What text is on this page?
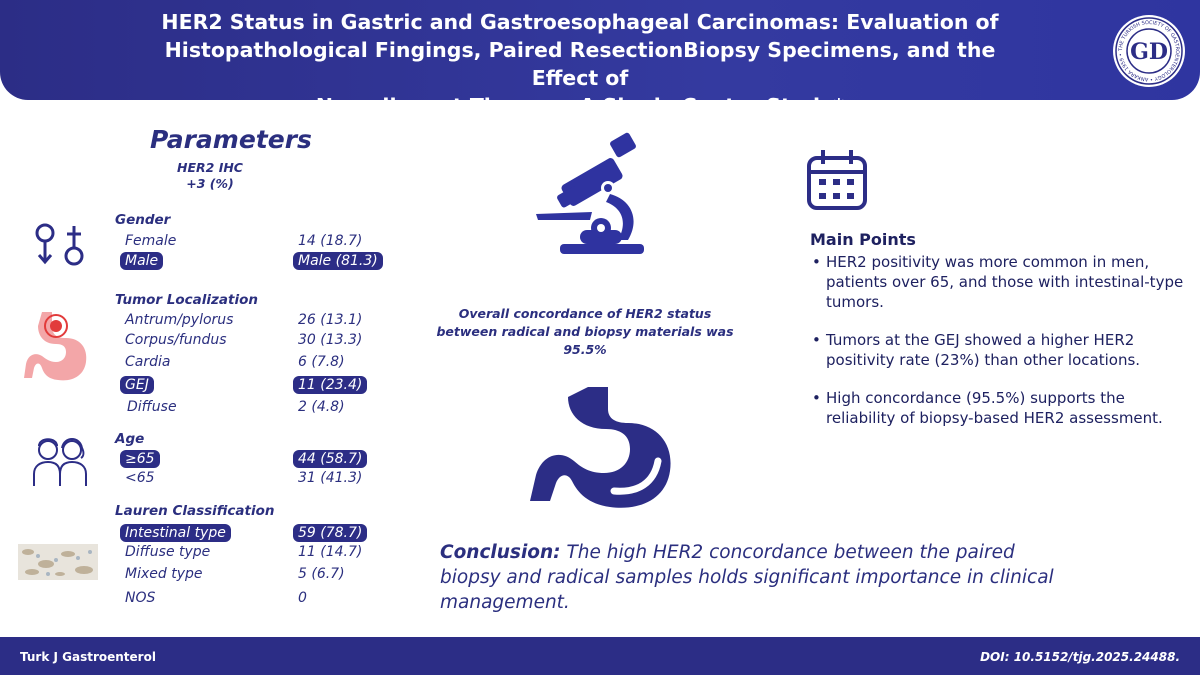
HER2 Status in Gastric and Gastroesophageal Carcinomas: Evaluation of
Histopathological Fingings, Paired ResectionBiopsy Specimens, and the Effect of
Neoadjuvant Therapy: A Single Center Study*
THE TURKISH SOCIETY OF GASTROENTEROLOGY • ANKARA 1959 • GD
Parameters
HER2 IHC
+3 (%)
Gender
Female	14 (18.7)
Male	Male (81.3)
Tumor Localization
Antrum/pylorus	26 (13.1)
Corpus/fundus	30 (13.3)
Cardia	6 (7.8)
GEJ	11 (23.4)
Diffuse	2 (4.8)
Age
≥65	44 (58.7)
<65	31 (41.3)
Lauren Classification
Intestinal type	59 (78.7)
Diffuse type	11 (14.7)
Mixed type	5 (6.7)
NOS	0
Overall concordance of HER2 status
between radical and biopsy materials was 95.5%
Main Points
• HER2 positivity was more common in men, patients over 65, and those with intestinal-type tumors.
• Tumors at the GEJ showed a higher HER2 positivity rate (23%) than other locations.
• High concordance (95.5%) supports the reliability of biopsy-based HER2 assessment.
Conclusion: The high HER2 concordance between the paired biopsy and radical samples holds significant importance in clinical management.
Turk J Gastroenterol	DOI: 10.5152/tjg.2025.24488.
